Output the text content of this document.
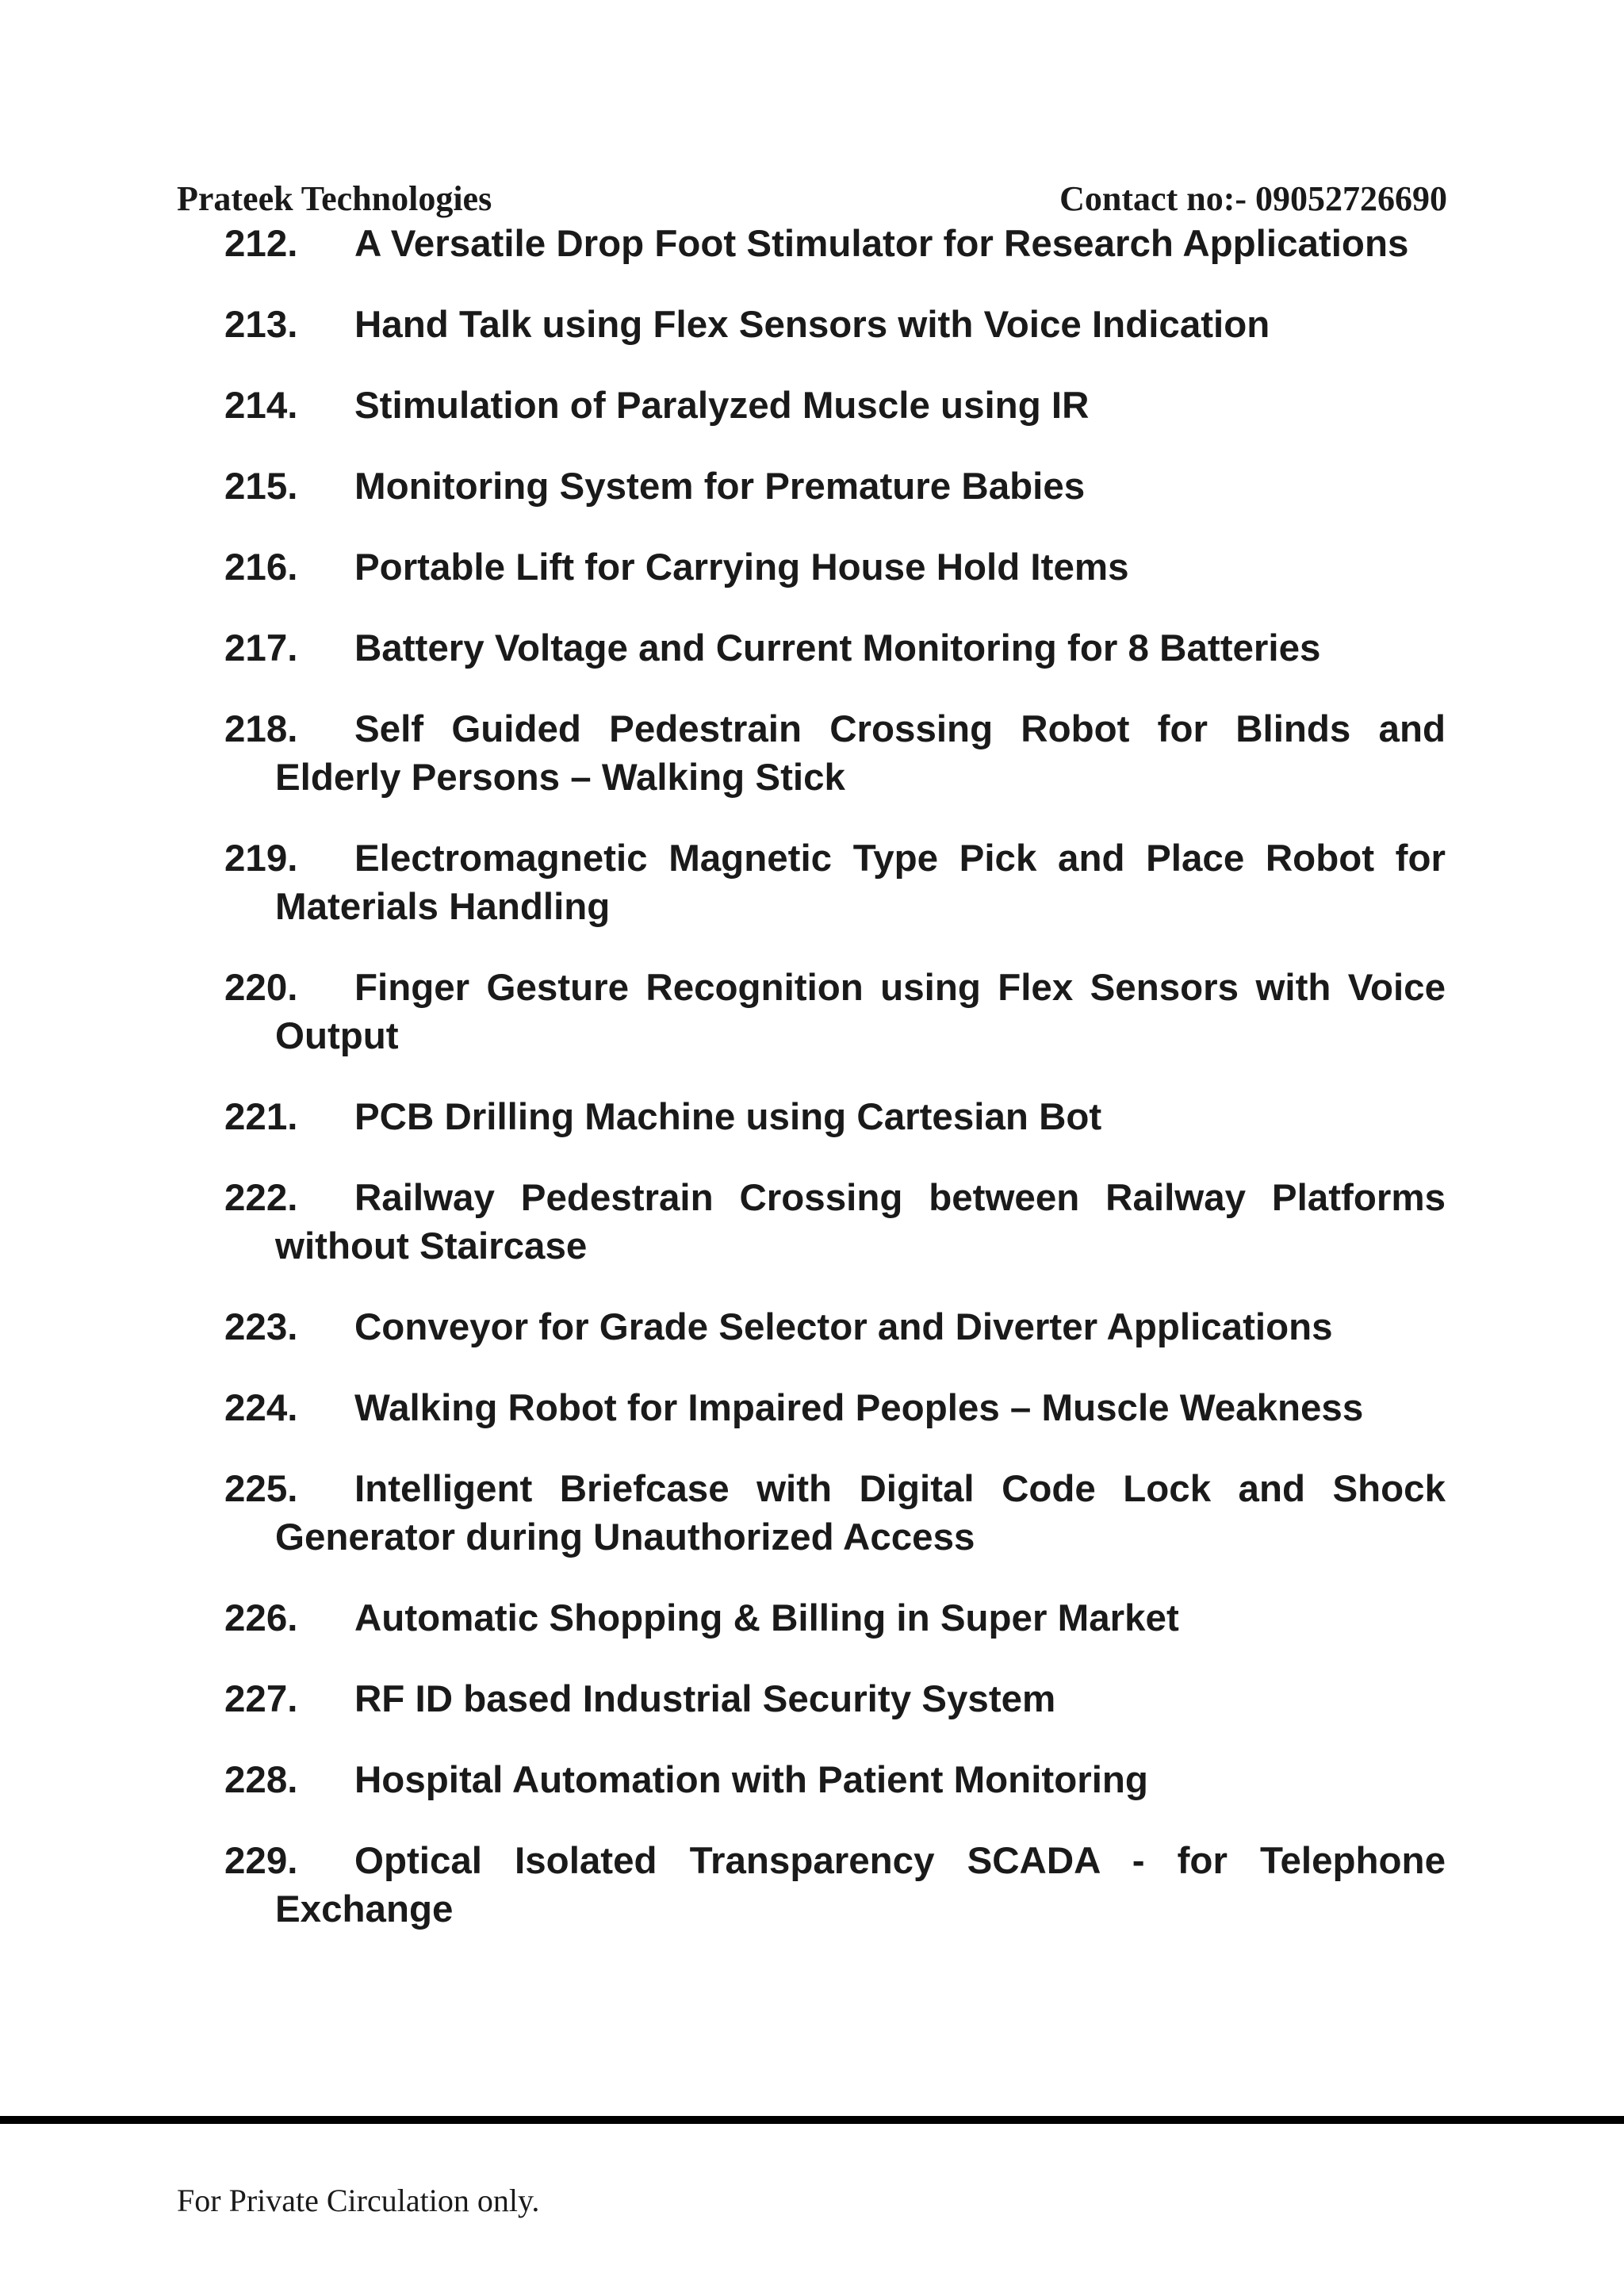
Prateek Technologies	Contact no:- 09052726690
212. A Versatile Drop Foot Stimulator for Research Applications
213. Hand Talk using Flex Sensors with Voice Indication
214. Stimulation of Paralyzed Muscle using IR
215. Monitoring System for Premature Babies
216. Portable Lift for Carrying House Hold Items
217. Battery Voltage and Current Monitoring for 8 Batteries
218. Self Guided Pedestrain Crossing Robot for Blinds and Elderly Persons – Walking Stick
219. Electromagnetic Magnetic Type Pick and Place Robot for Materials Handling
220. Finger Gesture Recognition using Flex Sensors with Voice Output
221. PCB Drilling Machine using Cartesian Bot
222. Railway Pedestrain Crossing between Railway Platforms without Staircase
223. Conveyor for Grade Selector and Diverter Applications
224. Walking Robot for Impaired Peoples – Muscle Weakness
225. Intelligent Briefcase with Digital Code Lock and Shock Generator during Unauthorized Access
226. Automatic Shopping & Billing in Super Market
227. RF ID based Industrial Security System
228. Hospital Automation with Patient Monitoring
229. Optical Isolated Transparency SCADA - for Telephone Exchange
For Private Circulation only.
